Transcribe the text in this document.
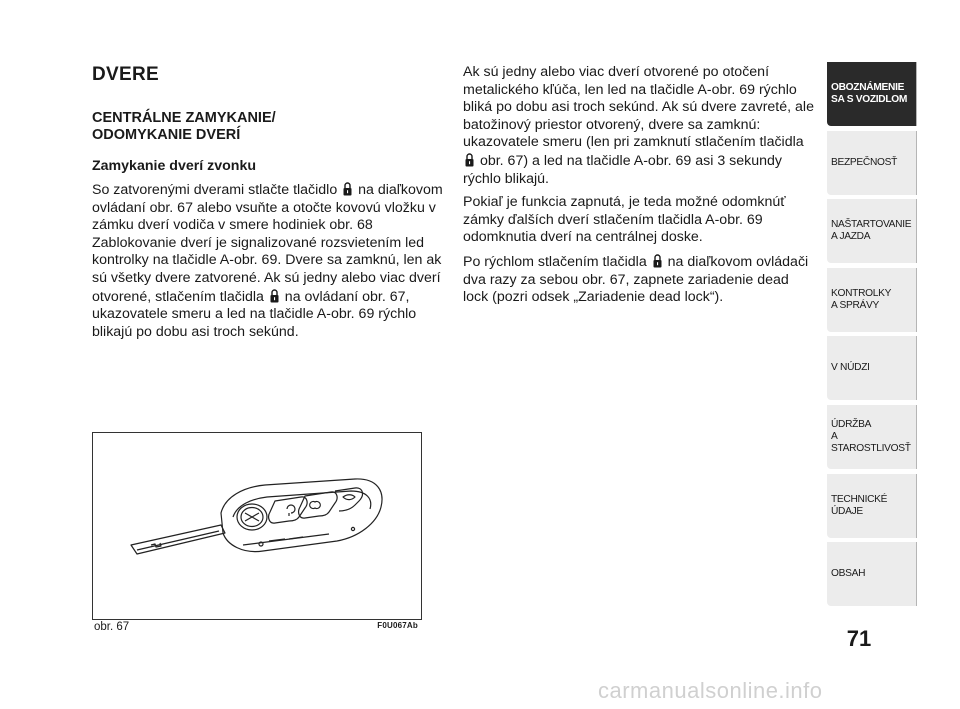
DVERE
CENTRÁLNE ZAMYKANIE/
ODOMYKANIE DVERÍ
Zamykanie dverí zvonku

So zatvorenými dverami stlačte tlačidlo  na diaľkovom ovládaní obr. 67 alebo vsuňte a otočte kovovú vložku v zámku dverí vodiča v smere hodiniek obr. 68 Zablokovanie dverí je signalizované rozsvietením led kontrolky na tlačidle A-obr. 69. Dvere sa zamknú, len ak sú všetky dvere zatvorené. Ak sú jedny alebo viac dverí otvorené, stlačením tlačidla  na ovládaní obr. 67, ukazovatele smeru a led na tlačidle A-obr. 69 rýchlo blikajú po dobu asi troch sekúnd.

Ak sú jedny alebo viac dverí otvorené po otočení metalického kľúča, len led na tlačidle A-obr. 69 rýchlo bliká po dobu asi troch sekúnd. Ak sú dvere zavreté, ale batožinový priestor otvorený, dvere sa zamknú: ukazovatele smeru (len pri zamknutí stlačením tlačidla  obr. 67) a led na tlačidle A-obr. 69 asi 3 sekundy rýchlo blikajú.

Pokiaľ je funkcia zapnutá, je teda možné odomknúť zámky ďalších dverí stlačením tlačidla A-obr. 69 odomknutia dverí na centrálnej doske.

Po rýchlom stlačením tlačidla  na diaľkovom ovládači dva razy za sebou obr. 67, zapnete zariadenie dead lock (pozri odsek „Zariadenie dead lock“).

obr. 67	F0U067Ab
OBOZNÁMENIE
SA S VOZIDLOM
BEZPEČNOSŤ
NAŠTARTOVANIE
A JAZDA
KONTROLKY
A SPRÁVY
V NÚDZI
ÚDRŽBA
A STAROSTLIVOSŤ
TECHNICKÉ
ÚDAJE
OBSAH
71
carmanualsonline.info
